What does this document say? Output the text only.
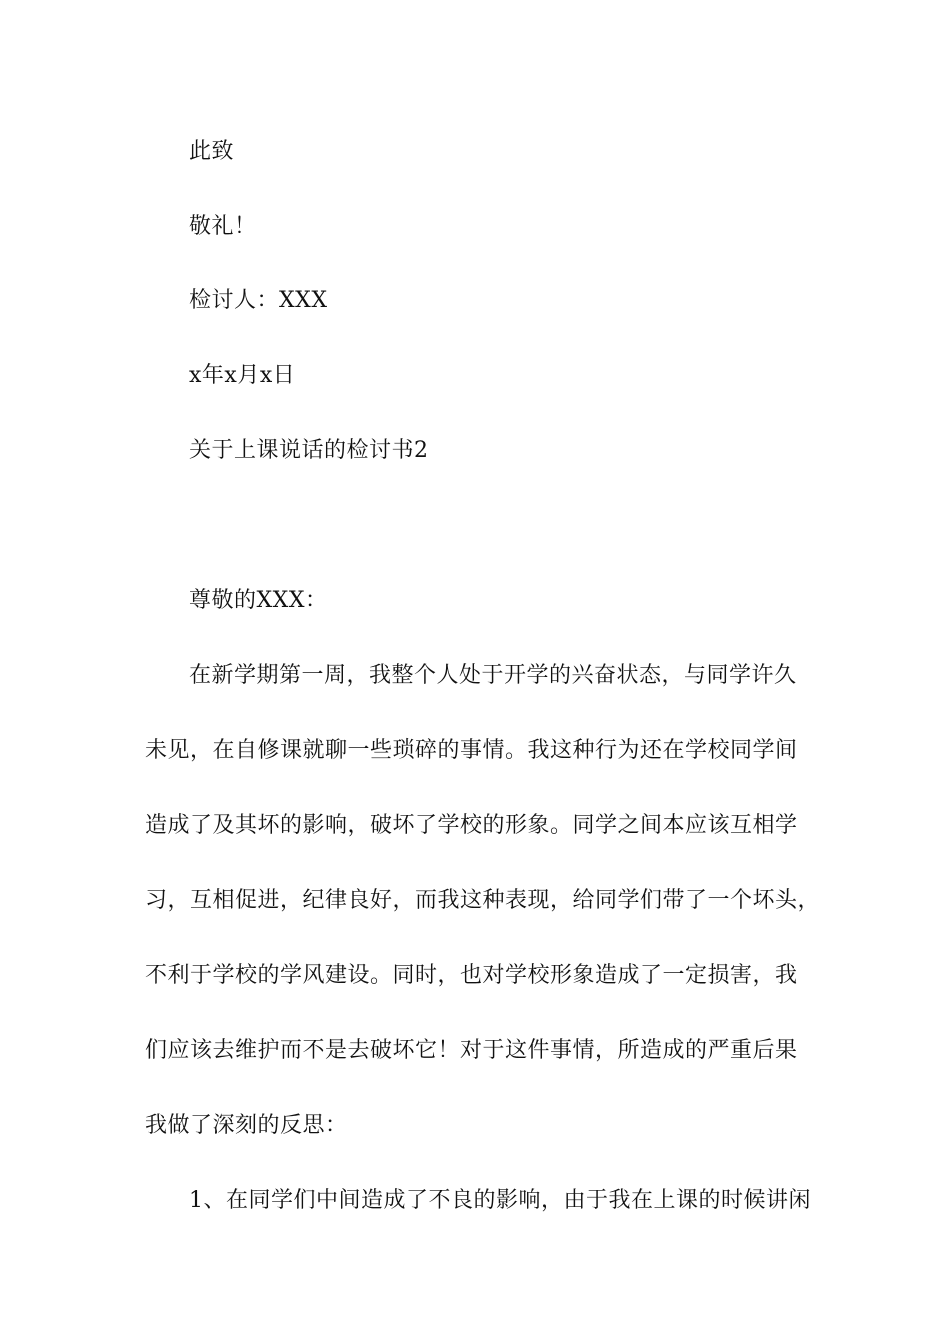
此致
敬礼！
检讨人：XXX
x年x月x日
关于上课说话的检讨书2
尊敬的XXX：
在新学期第一周，我整个人处于开学的兴奋状态，与同学许久
未见，在自修课就聊一些琐碎的事情。我这种行为还在学校同学间
造成了及其坏的影响，破坏了学校的形象。同学之间本应该互相学
习，互相促进，纪律良好，而我这种表现，给同学们带了一个坏头，
不利于学校的学风建设。同时，也对学校形象造成了一定损害，我
们应该去维护而不是去破坏它！对于这件事情，所造成的严重后果
我做了深刻的反思：
1、在同学们中间造成了不良的影响，由于我在上课的时候讲闲
